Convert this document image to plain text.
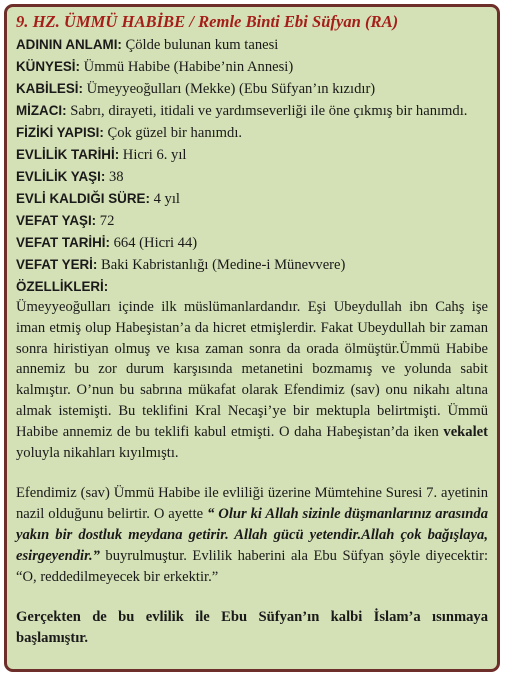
9. HZ. ÜMMÜ HABİBE / Remle Binti Ebi Süfyan (RA)
ADININ ANLAMI: Çölde bulunan kum tanesi
KÜNYESİ: Ümmü Habibe (Habibe’nin Annesi)
KABİLESİ: Ümeyyeoğulları (Mekke) (Ebu Süfyan’ın kızıdır)
MİZACI: Sabrı, dirayeti, itidali ve yardımseverliği ile öne çıkmış bir hanımdı.
FİZİKİ YAPISI: Çok güzel bir hanımdı.
EVLİLİK TARİHİ: Hicri 6. yıl
EVLİLİK YAŞI: 38
EVLİ KALDIĞI SÜRE: 4 yıl
VEFAT YAŞI: 72
VEFAT TARİHİ: 664 (Hicri 44)
VEFAT YERİ: Baki Kabristanlığı (Medine-i Münevvere)
ÖZELLİKLERİ:

Ümeyyeoğulları içinde ilk müslümanlardandır. Eşi Ubeydullah ibn Cahş işe iman etmiş olup Habeşistan’a da hicret etmişlerdir. Fakat Ubeydullah bir zaman sonra hiristiyan olmuş ve kısa zaman sonra da orada ölmüştür.Ümmü Habibe annemiz bu zor durum karşısında metanetini bozmamış ve yolunda sabit kalmıştır. O’nun bu sabrına mükafat olarak Efendimiz (sav) onu nikahı altına almak istemişti. Bu teklifini Kral Necaşi’ye bir mektupla belirtmişti. Ümmü Habibe annemiz de bu teklifi kabul etmişti. O daha Habeşistan’da iken vekalet yoluyla nikahları kıyılmıştı.

Efendimiz (sav) Ümmü Habibe ile evliliği üzerine Mümtehine Suresi 7. ayetinin nazil olduğunu belirtir. O ayette “ Olur ki Allah sizinle düşmanlarınız arasında yakın bir dostluk meydana getirir. Allah gücü yetendir.Allah çok bağışlaya, esirgeyendir.” buyrulmuştur. Evlilik haberini ala Ebu Süfyan şöyle diyecektir: “O, reddedilmeyecek bir erkektir.”

Gerçekten de bu evlilik ile Ebu Süfyan’ın kalbi İslam’a ısınmaya başlamıştır.
